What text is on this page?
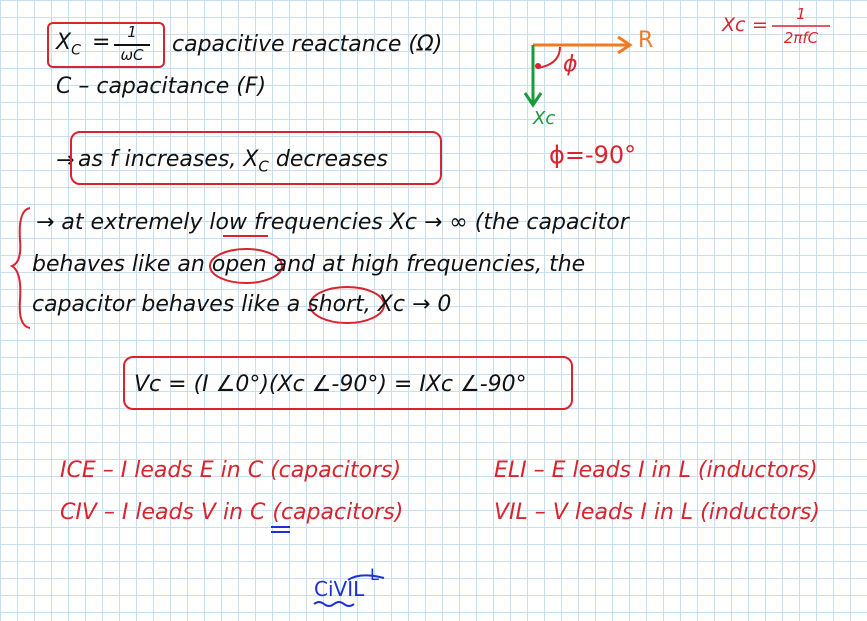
$X_C$ =	1
ωC capacitive reactance (Ω)
C – capacitance (F)
R
ϕ
Xc
ϕ=-90°
Xc =	1
2πfC
→ as f increases, $X_C$ decreases
→ at extremely low frequencies Xc → ∞ (the capacitor
behaves like an open and at high frequencies, the
capacitor behaves like a short, Xc → 0
Vc = (I ∠0°)(Xc ∠-90°) = IXc ∠-90°
ICE – I leads E in C (capacitors)
CIV – I leads V in C (capacitors)
ELI – E leads I in L (inductors)
VIL – V leads I in L (inductors)
L
CiVIL
